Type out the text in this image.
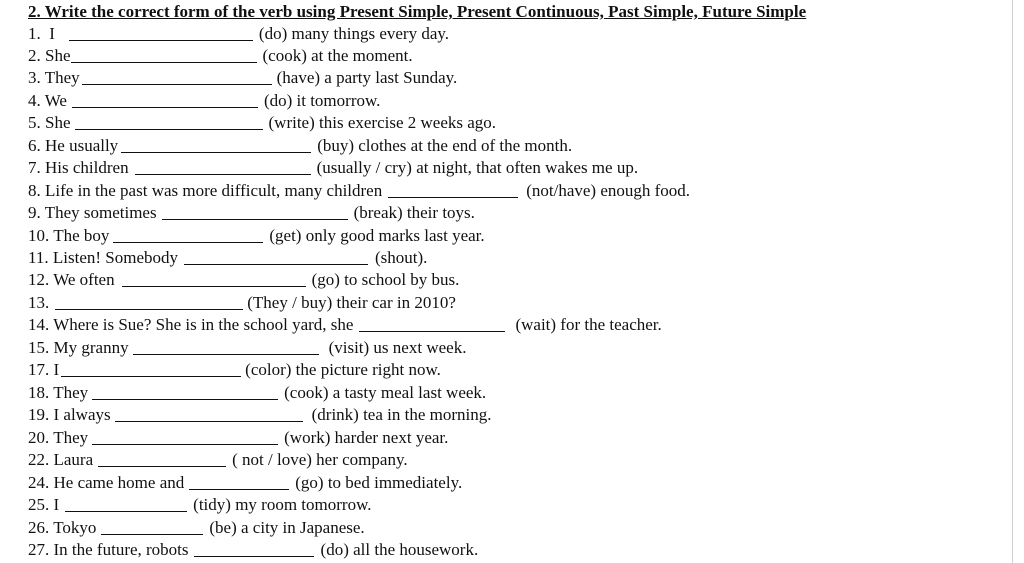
2. Write the correct form of the verb using Present Simple, Present Continuous, Past Simple, Future Simple
1.  I	(do) many things every day.
2. She	(cook) at the moment.
3. They	(have) a party last Sunday.
4. We	(do) it tomorrow.
5. She	(write) this exercise 2 weeks ago.
6. He usually	(buy) clothes at the end of the month.
7. His children	(usually / cry) at night, that often wakes me up.
8. Life in the past was more difficult, many children	(not/have) enough food.
9. They sometimes	(break) their toys.
10. The boy	(get) only good marks last year.
11. Listen! Somebody	(shout).
12. We often	(go) to school by bus.
13.	(They / buy) their car in 2010?
14. Where is Sue? She is in the school yard, she	(wait) for the teacher.
15. My granny	(visit) us next week.
17. I	(color) the picture right now.
18. They	(cook) a tasty meal last week.
19. I always	(drink) tea in the morning.
20. They	(work) harder next year.
22. Laura	( not / love) her company.
24. He came home and	(go) to bed immediately.
25. I	(tidy) my room tomorrow.
26. Tokyo	(be) a city in Japanese.
27. In the future, robots	(do) all the housework.
